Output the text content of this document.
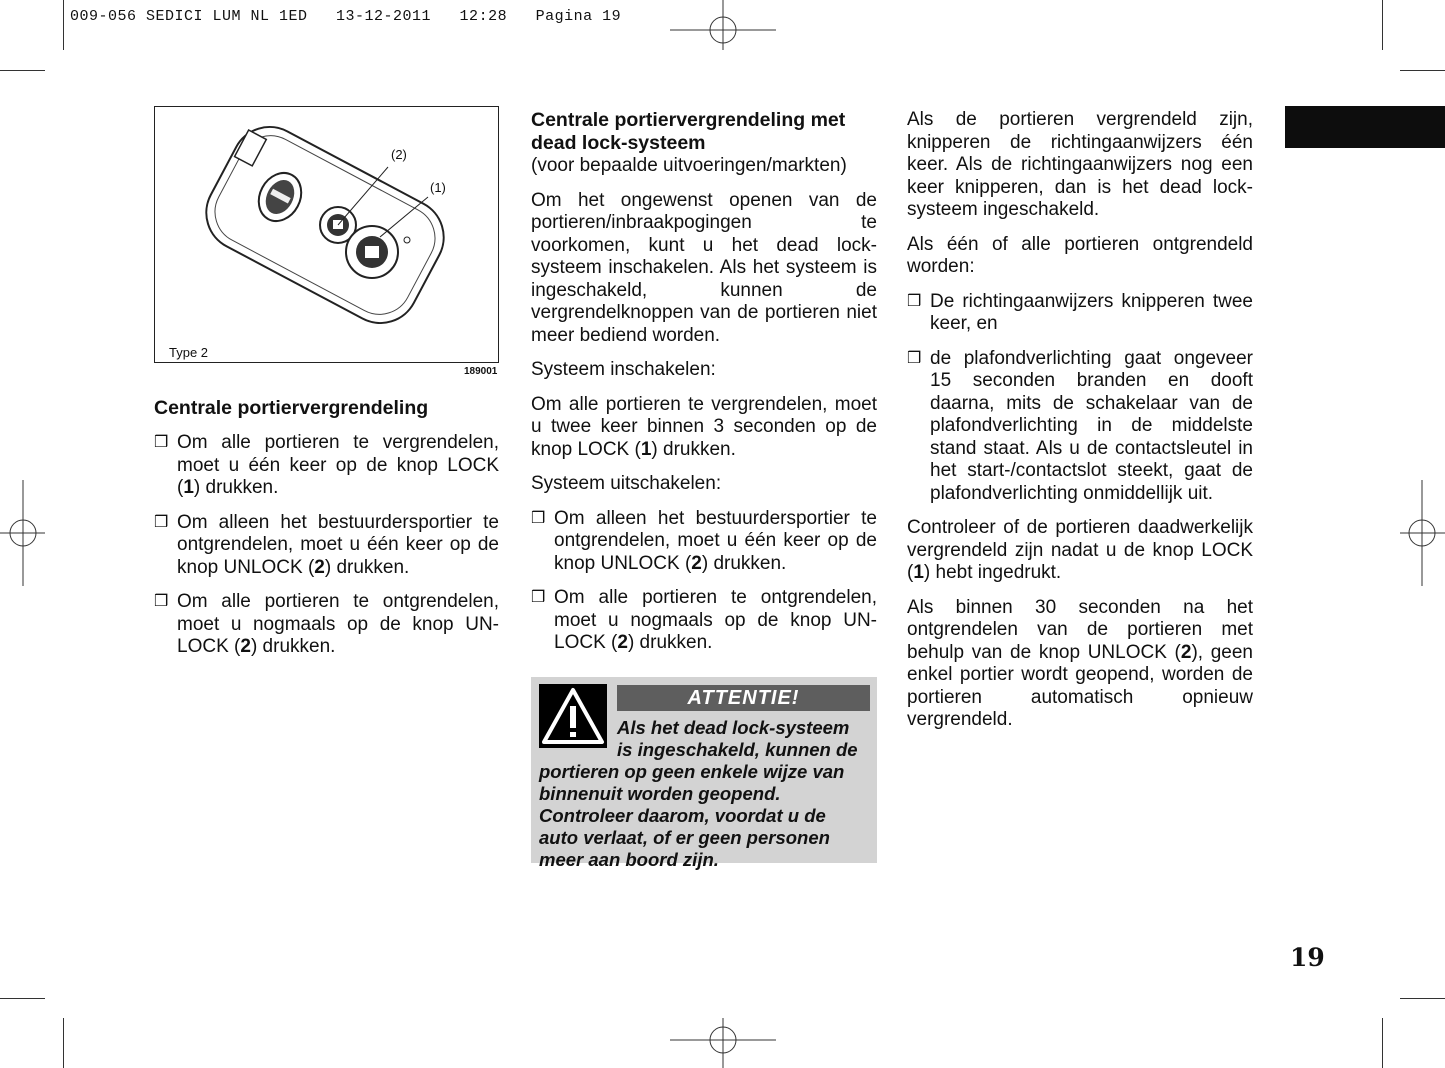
009-056 SEDICI LUM NL 1ED   13-12-2011   12:28   Pagina 19
(2)
(1)
Type 2
189001
Centrale portiervergrendeling
❒ Om alle portieren te vergrendelen, moet u één keer op de knop LOCK (1) drukken.
❒ Om alleen het bestuurdersportier te ontgrendelen, moet u één keer op de knop UNLOCK (2) drukken.
❒ Om alle portieren te ontgrendelen, moet u nogmaals op de knop UN-LOCK (2) drukken.
Centrale portiervergrendeling met dead lock-systeem

(voor bepaalde uitvoeringen/markten)

Om het ongewenst openen van de portieren/inbraakpogingen te voorkomen, kunt u het dead lock-systeem inschakelen. Als het systeem is ingeschakeld, kunnen de vergrendelknoppen van de portieren niet meer bediend worden.

Systeem inschakelen:

Om alle portieren te vergrendelen, moet u twee keer binnen 3 seconden op de knop LOCK (1) drukken.

Systeem uitschakelen:

❒ Om alleen het bestuurdersportier te ontgrendelen, moet u één keer op de knop UNLOCK (2) drukken.
❒ Om alle portieren te ontgrendelen, moet u nogmaals op de knop UN-LOCK (2) drukken.
ATTENTIE!
Als het dead lock-systeem is ingeschakeld, kunnen de portieren op geen enkele wijze van binnenuit worden geopend. Controleer daarom, voordat u de auto verlaat, of er geen personen meer aan boord zijn.

Als de portieren vergrendeld zijn, knipperen de richtingaanwijzers één keer. Als de richtingaanwijzers nog een keer knipperen, dan is het dead lock-systeem ingeschakeld.

Als één of alle portieren ontgrendeld worden:

❒ De richtingaanwijzers knipperen twee keer, en
❒ de plafondverlichting gaat ongeveer 15 seconden branden en dooft daarna, mits de schakelaar van de plafondverlichting in de middelste stand staat. Als u de contactsleutel in het start-/contactslot steekt, gaat de plafondverlichting onmiddellijk uit.

Controleer of de portieren daadwerkelijk vergrendeld zijn nadat u de knop LOCK (1) hebt ingedrukt.

Als binnen 30 seconden na het ontgrendelen van de portieren met behulp van de knop UNLOCK (2), geen enkel portier wordt geopend, worden de portieren automatisch opnieuw vergrendeld.

19
